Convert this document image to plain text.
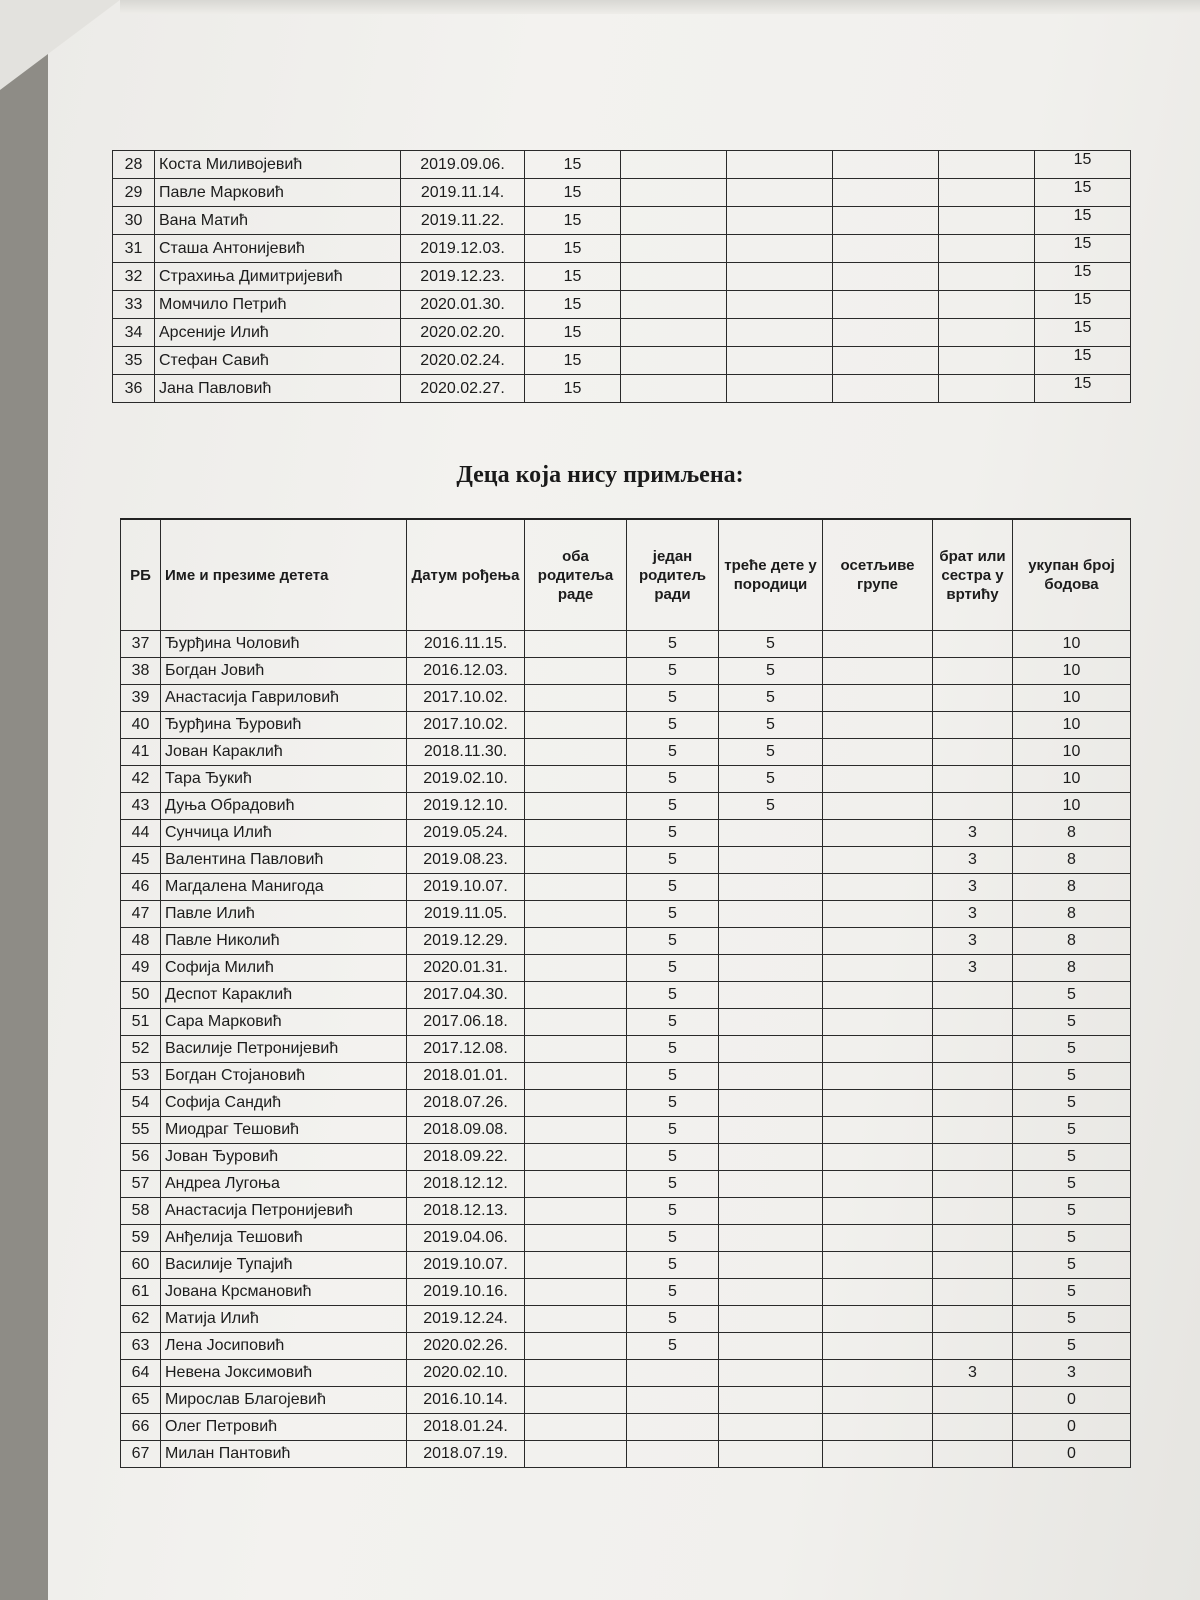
28	Коста Миливојевић	2019.09.06.	15					15
29	Павле Марковић	2019.11.14.	15					15
30	Вана Матић	2019.11.22.	15					15
31	Сташа Антонијевић	2019.12.03.	15					15
32	Страхиња Димитријевић	2019.12.23.	15					15
33	Момчило Петрић	2020.01.30.	15					15
34	Арсеније Илић	2020.02.20.	15					15
35	Стефан Савић	2020.02.24.	15					15
36	Јана Павловић	2020.02.27.	15					15
Деца која нису примљена:
РБ	Име и презиме детета	Датум рођења	оба родитеља раде	један родитељ ради	треће дете у породици	осетљиве групе	брат или сестра у вртићу	укупан број бодова
37	Ђурђина Чоловић	2016.11.15.		5	5			10
38	Богдан Јовић	2016.12.03.		5	5			10
39	Анастасија Гавриловић	2017.10.02.		5	5			10
40	Ђурђина Ђуровић	2017.10.02.		5	5			10
41	Јован Караклић	2018.11.30.		5	5			10
42	Тара Ђукић	2019.02.10.		5	5			10
43	Дуња Обрадовић	2019.12.10.		5	5			10
44	Сунчица Илић	2019.05.24.		5			3	8
45	Валентина Павловић	2019.08.23.		5			3	8
46	Магдалена Манигода	2019.10.07.		5			3	8
47	Павле Илић	2019.11.05.		5			3	8
48	Павле Николић	2019.12.29.		5			3	8
49	Софија Милић	2020.01.31.		5			3	8
50	Деспот Караклић	2017.04.30.		5				5
51	Сара Марковић	2017.06.18.		5				5
52	Василије Петронијевић	2017.12.08.		5				5
53	Богдан Стојановић	2018.01.01.		5				5
54	Софија Сандић	2018.07.26.		5				5
55	Миодраг Тешовић	2018.09.08.		5				5
56	Јован Ђуровић	2018.09.22.		5				5
57	Андреа Лугоња	2018.12.12.		5				5
58	Анастасија Петронијевић	2018.12.13.		5				5
59	Анђелија Тешовић	2019.04.06.		5				5
60	Василије Тупајић	2019.10.07.		5				5
61	Јована Крсмановић	2019.10.16.		5				5
62	Матија Илић	2019.12.24.		5				5
63	Лена Јосиповић	2020.02.26.		5				5
64	Невена Јоксимовић	2020.02.10.					3	3
65	Мирослав Благојевић	2016.10.14.						0
66	Олег Петровић	2018.01.24.						0
67	Милан Пантовић	2018.07.19.						0
